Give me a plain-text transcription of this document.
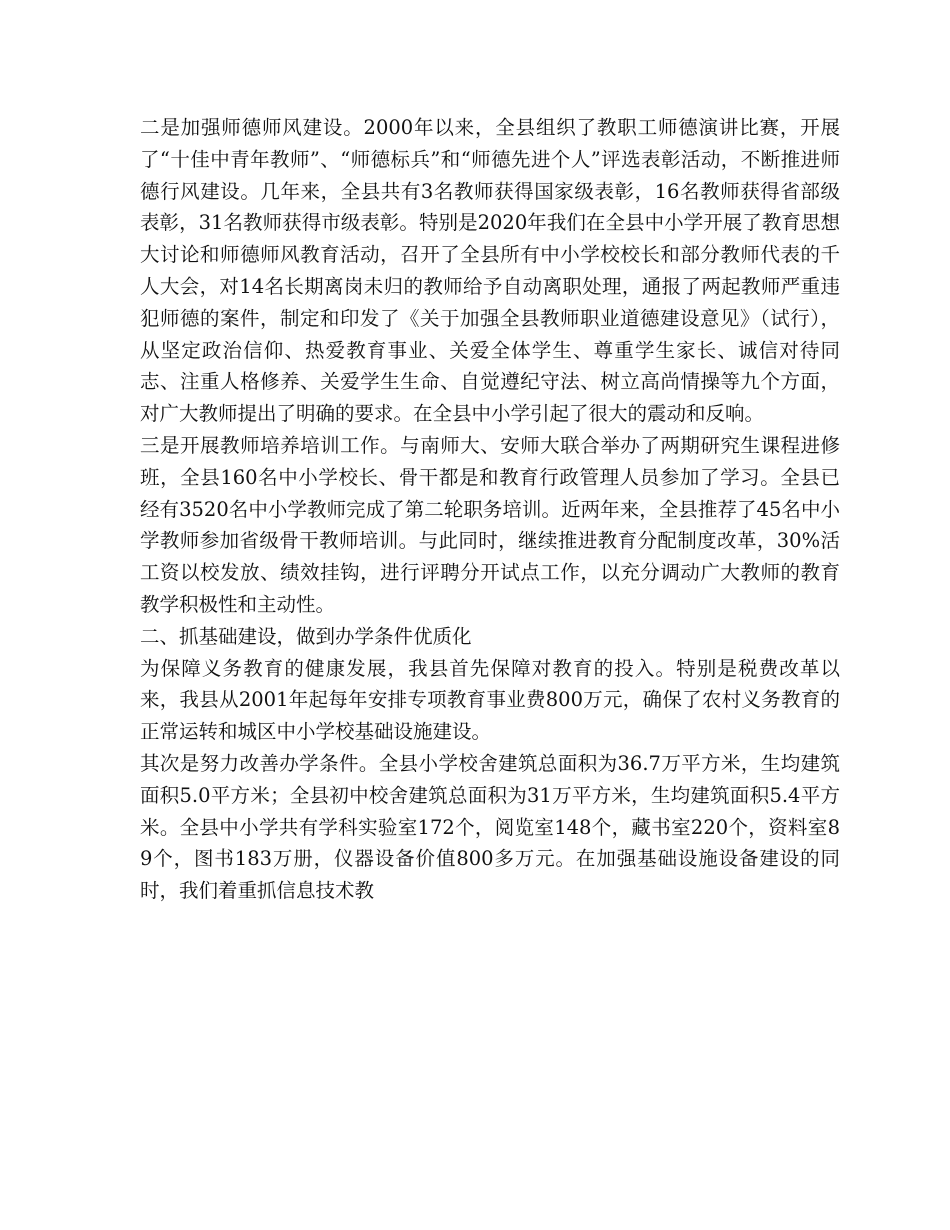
二是加强师德师风建设。2000年以来，全县组织了教职工师德演讲比赛，开展了“十佳中青年教师”、“师德标兵”和“师德先进个人”评选表彰活动，不断推进师德行风建设。几年来，全县共有3名教师获得国家级表彰，16名教师获得省部级表彰，31名教师获得市级表彰。特别是2020年我们在全县中小学开展了教育思想大讨论和师德师风教育活动，召开了全县所有中小学校校长和部分教师代表的千人大会，对14名长期离岗未归的教师给予自动离职处理，通报了两起教师严重违犯师德的案件，制定和印发了《关于加强全县教师职业道德建设意见》（试行），从坚定政治信仰、热爱教育事业、关爱全体学生、尊重学生家长、诚信对待同志、注重人格修养、关爱学生生命、自觉遵纪守法、树立高尚情操等九个方面，对广大教师提出了明确的要求。在全县中小学引起了很大的震动和反响。

三是开展教师培养培训工作。与南师大、安师大联合举办了两期研究生课程进修班，全县160名中小学校长、骨干都是和教育行政管理人员参加了学习。全县已经有3520名中小学教师完成了第二轮职务培训。近两年来，全县推荐了45名中小学教师参加省级骨干教师培训。与此同时，继续推进教育分配制度改革，30%活工资以校发放、绩效挂钩，进行评聘分开试点工作，以充分调动广大教师的教育教学积极性和主动性。

二、抓基础建设，做到办学条件优质化

为保障义务教育的健康发展，我县首先保障对教育的投入。特别是税费改革以来，我县从2001年起每年安排专项教育事业费800万元，确保了农村义务教育的正常运转和城区中小学校基础设施建设。

其次是努力改善办学条件。全县小学校舍建筑总面积为36.7万平方米，生均建筑面积5.0平方米；全县初中校舍建筑总面积为31万平方米，生均建筑面积5.4平方米。全县中小学共有学科实验室172个，阅览室148个，藏书室220个，资料室89个，图书183万册，仪器设备价值800多万元。在加强基础设施设备建设的同时，我们着重抓信息技术教
